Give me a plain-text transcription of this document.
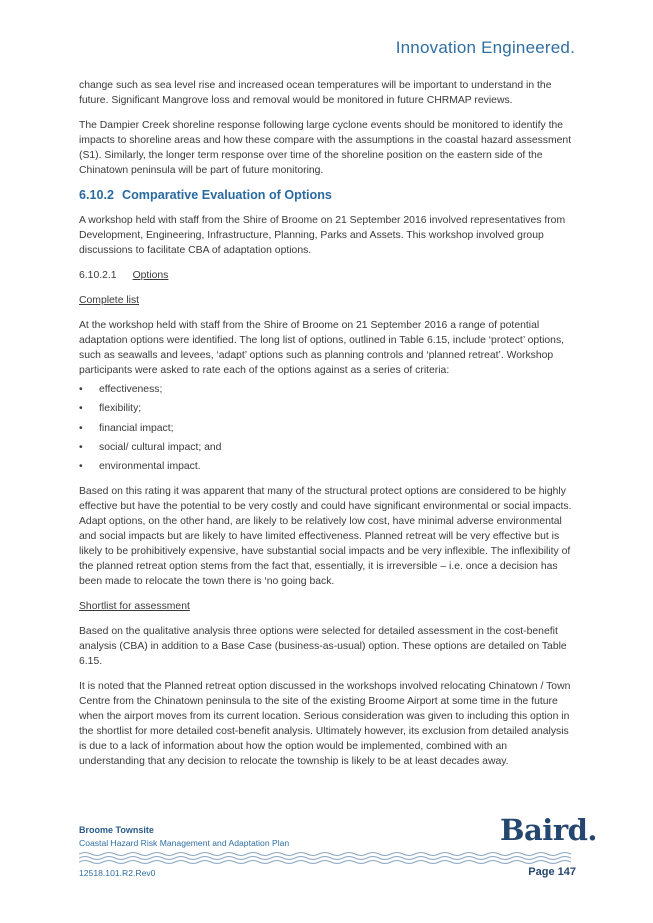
Innovation Engineered.

change such as sea level rise and increased ocean temperatures will be important to understand in the future. Significant Mangrove loss and removal would be monitored in future CHRMAP reviews.

The Dampier Creek shoreline response following large cyclone events should be monitored to identify the impacts to shoreline areas and how these compare with the assumptions in the coastal hazard assessment (S1). Similarly, the longer term response over time of the shoreline position on the eastern side of the Chinatown peninsula will be part of future monitoring.

6.10.2 Comparative Evaluation of Options

A workshop held with staff from the Shire of Broome on 21 September 2016 involved representatives from Development, Engineering, Infrastructure, Planning, Parks and Assets. This workshop involved group discussions to facilitate CBA of adaptation options.

6.10.2.1 Options

Complete list

At the workshop held with staff from the Shire of Broome on 21 September 2016 a range of potential adaptation options were identified. The long list of options, outlined in Table 6.15, include ‘protect’ options, such as seawalls and levees, ‘adapt’ options such as planning controls and ‘planned retreat’. Workshop participants were asked to rate each of the options against as a series of criteria:

• effectiveness;
• flexibility;
• financial impact;
• social/ cultural impact; and
• environmental impact.

Based on this rating it was apparent that many of the structural protect options are considered to be highly effective but have the potential to be very costly and could have significant environmental or social impacts. Adapt options, on the other hand, are likely to be relatively low cost, have minimal adverse environmental and social impacts but are likely to have limited effectiveness. Planned retreat will be very effective but is likely to be prohibitively expensive, have substantial social impacts and be very inflexible. The inflexibility of the planned retreat option stems from the fact that, essentially, it is irreversible – i.e. once a decision has been made to relocate the town there is ‘no going back.

Shortlist for assessment

Based on the qualitative analysis three options were selected for detailed assessment in the cost-benefit analysis (CBA) in addition to a Base Case (business-as-usual) option. These options are detailed on Table 6.15.

It is noted that the Planned retreat option discussed in the workshops involved relocating Chinatown / Town Centre from the Chinatown peninsula to the site of the existing Broome Airport at some time in the future when the airport moves from its current location. Serious consideration was given to including this option in the shortlist for more detailed cost-benefit analysis. Ultimately however, its exclusion from detailed analysis is due to a lack of information about how the option would be implemented, combined with an understanding that any decision to relocate the township is likely to be at least decades away.

Broome Townsite
Coastal Hazard Risk Management and Adaptation Plan	Baird.
12518.101.R2.Rev0	Page 147
